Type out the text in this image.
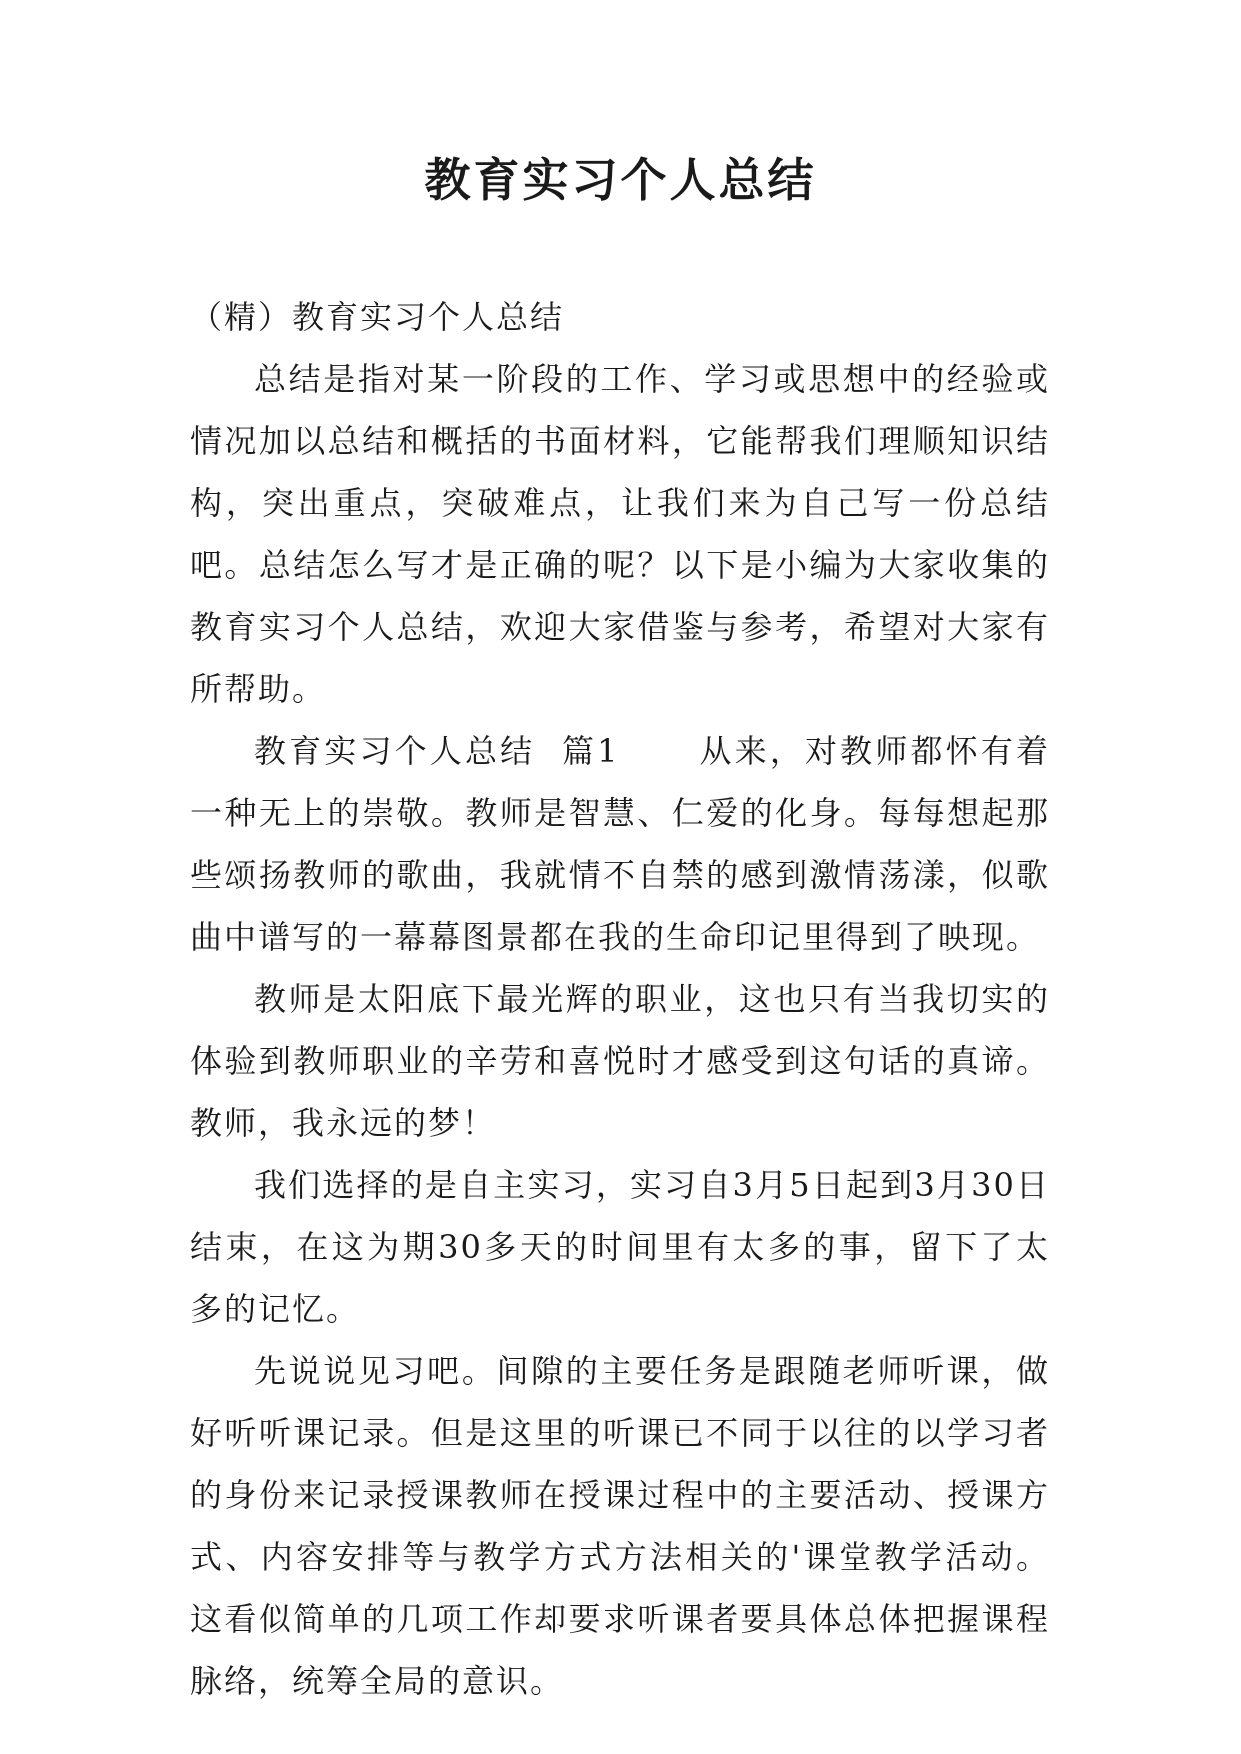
教育实习个人总结

（精）教育实习个人总结

总结是指对某一阶段的工作、学习或思想中的经验或情况加以总结和概括的书面材料，它能帮我们理顺知识结构，突出重点，突破难点，让我们来为自己写一份总结吧。总结怎么写才是正确的呢？以下是小编为大家收集的教育实习个人总结，欢迎大家借鉴与参考，希望对大家有所帮助。

教育实习个人总结  篇1      从来，对教师都怀有着一种无上的崇敬。教师是智慧、仁爱的化身。每每想起那些颂扬教师的歌曲，我就情不自禁的感到激情荡漾，似歌曲中谱写的一幕幕图景都在我的生命印记里得到了映现。

教师是太阳底下最光辉的职业，这也只有当我切实的体验到教师职业的辛劳和喜悦时才感受到这句话的真谛。教师，我永远的梦！

我们选择的是自主实习，实习自3月5日起到3月30日结束，在这为期30多天的时间里有太多的事，留下了太多的记忆。

先说说见习吧。间隙的主要任务是跟随老师听课，做好听听课记录。但是这里的听课已不同于以往的以学习者的身份来记录授课教师在授课过程中的主要活动、授课方式、内容安排等与教学方式方法相关的'课堂教学活动。这看似简单的几项工作却要求听课者要具体总体把握课程脉络，统筹全局的意识。
